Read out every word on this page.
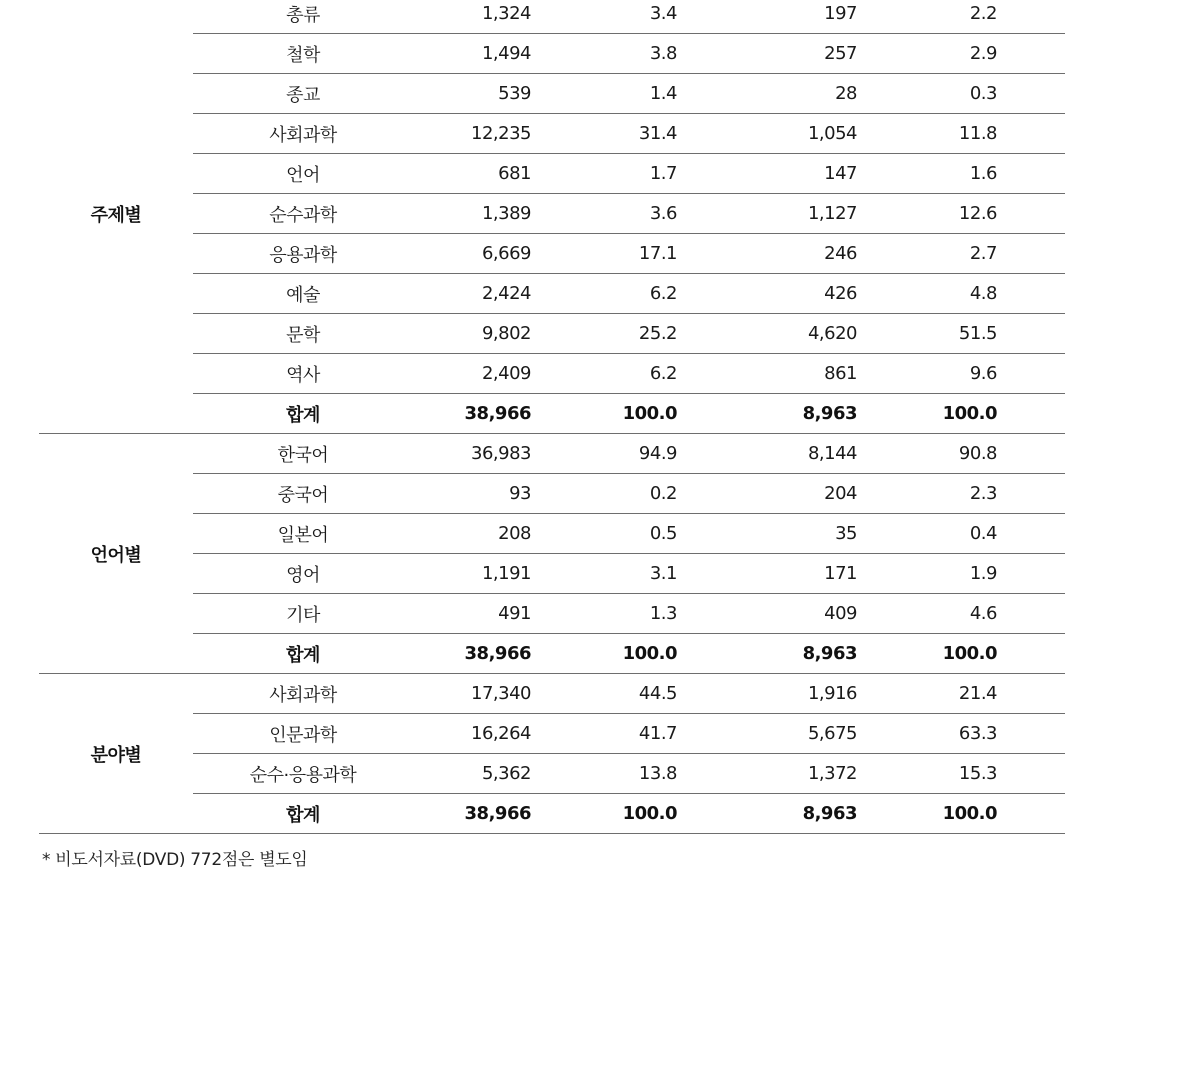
주제별	총류	1,324	3.4	197	2.2	
	철학	1,494	3.8	257	2.9	
	종교	539	1.4	28	0.3	
	사회과학	12,235	31.4	1,054	11.8	
	언어	681	1.7	147	1.6	
	순수과학	1,389	3.6	1,127	12.6	
	응용과학	6,669	17.1	246	2.7	
	예술	2,424	6.2	426	4.8	
	문학	9,802	25.2	4,620	51.5	
	역사	2,409	6.2	861	9.6	
	합계	38,966	100.0	8,963	100.0	
언어별	한국어	36,983	94.9	8,144	90.8	
	중국어	93	0.2	204	2.3	
	일본어	208	0.5	35	0.4	
	영어	1,191	3.1	171	1.9	
	기타	491	1.3	409	4.6	
	합계	38,966	100.0	8,963	100.0	
분야별	사회과학	17,340	44.5	1,916	21.4	
	인문과학	16,264	41.7	5,675	63.3	
	순수·응용과학	5,362	13.8	1,372	15.3	
	합계	38,966	100.0	8,963	100.0	
* 비도서자료(DVD) 772점은 별도임
